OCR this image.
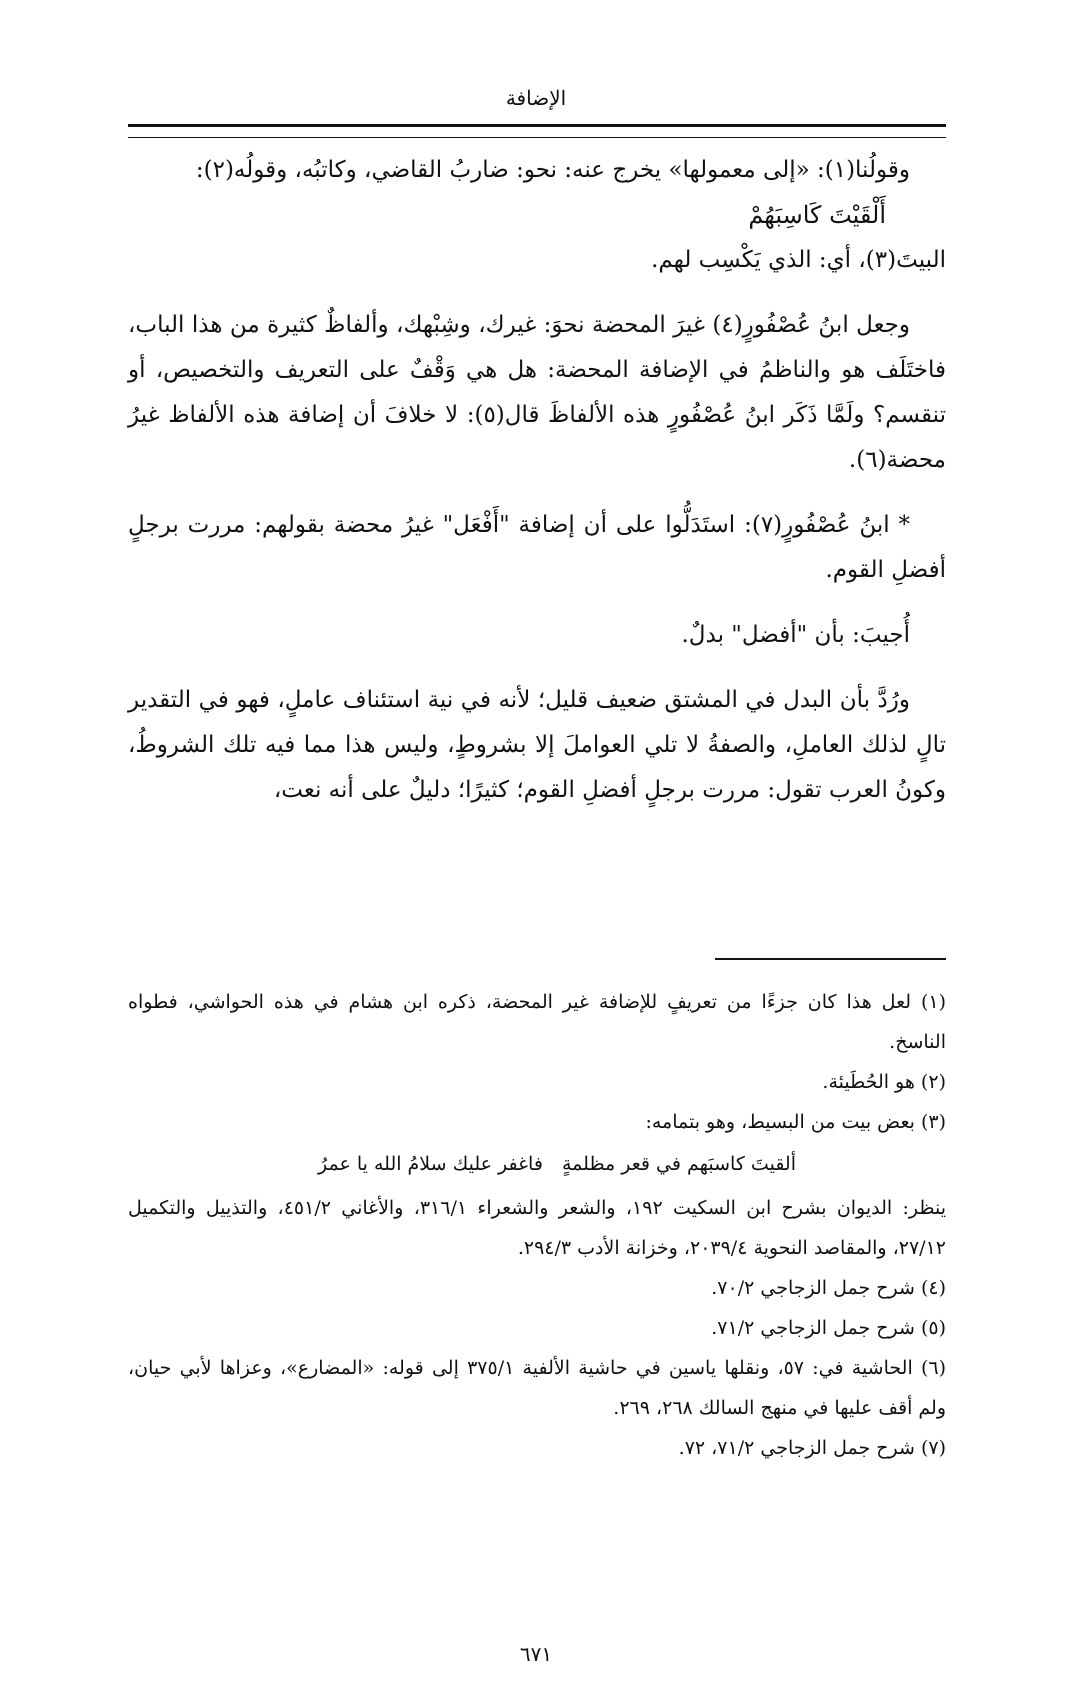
الإضافة

وقولُنا(١): «إلى معمولها» يخرج عنه: نحو: ضاربُ القاضي، وكاتبُه، وقولُه(٢):

أَلْقَيْتَ كَاسِبَهُمْ

البيتَ(٣)، أي: الذي يَكْسِب لهم.

وجعل ابنُ عُصْفُورٍ(٤) غيرَ المحضة نحوَ: غيرك، وشِبْهك، وألفاظٌ كثيرة من هذا الباب، فاختَلَف هو والناظمُ في الإضافة المحضة: هل هي وَقْفٌ على التعريف والتخصيص، أو تنقسم؟ ولَمَّا ذَكَر ابنُ عُصْفُورٍ هذه الألفاظَ قال(٥): لا خلافَ أن إضافة هذه الألفاظ غيرُ محضة(٦).

* ابنُ عُصْفُورٍ(٧): استَدَلُّوا على أن إضافة "أَفْعَل" غيرُ محضة بقولهم: مررت برجلٍ أفضلِ القوم.

أُجيبَ: بأن "أفضل" بدلٌ.

ورُدَّ بأن البدل في المشتق ضعيف قليل؛ لأنه في نية استئناف عاملٍ، فهو في التقدير تالٍ لذلك العاملِ، والصفةُ لا تلي العواملَ إلا بشروطٍ، وليس هذا مما فيه تلك الشروطُ، وكونُ العرب تقول: مررت برجلٍ أفضلِ القوم؛ كثيرًا؛ دليلٌ على أنه نعت،

(١) لعل هذا كان جزءًا من تعريفٍ للإضافة غير المحضة، ذكره ابن هشام في هذه الحواشي، فطواه الناسخ.

(٢) هو الحُطَيئة.

(٣) بعض بيت من البسيط، وهو بتمامه:

ألقيتَ كاسبَهم في قعر مظلمةٍ
فاغفر عليك سلامُ الله يا عمرُ

ينظر: الديوان بشرح ابن السكيت ١٩٢، والشعر والشعراء ٣١٦/١، والأغاني ٤٥١/٢، والتذييل والتكميل ٢٧/١٢، والمقاصد النحوية ٢٠٣٩/٤، وخزانة الأدب ٢٩٤/٣.

(٤) شرح جمل الزجاجي ٧٠/٢.

(٥) شرح جمل الزجاجي ٧١/٢.

(٦) الحاشية في: ٥٧، ونقلها ياسين في حاشية الألفية ٣٧٥/١ إلى قوله: «المضارع»، وعزاها لأبي حيان، ولم أقف عليها في منهج السالك ٢٦٨، ٢٦٩.

(٧) شرح جمل الزجاجي ٧١/٢، ٧٢.

٦٧١
